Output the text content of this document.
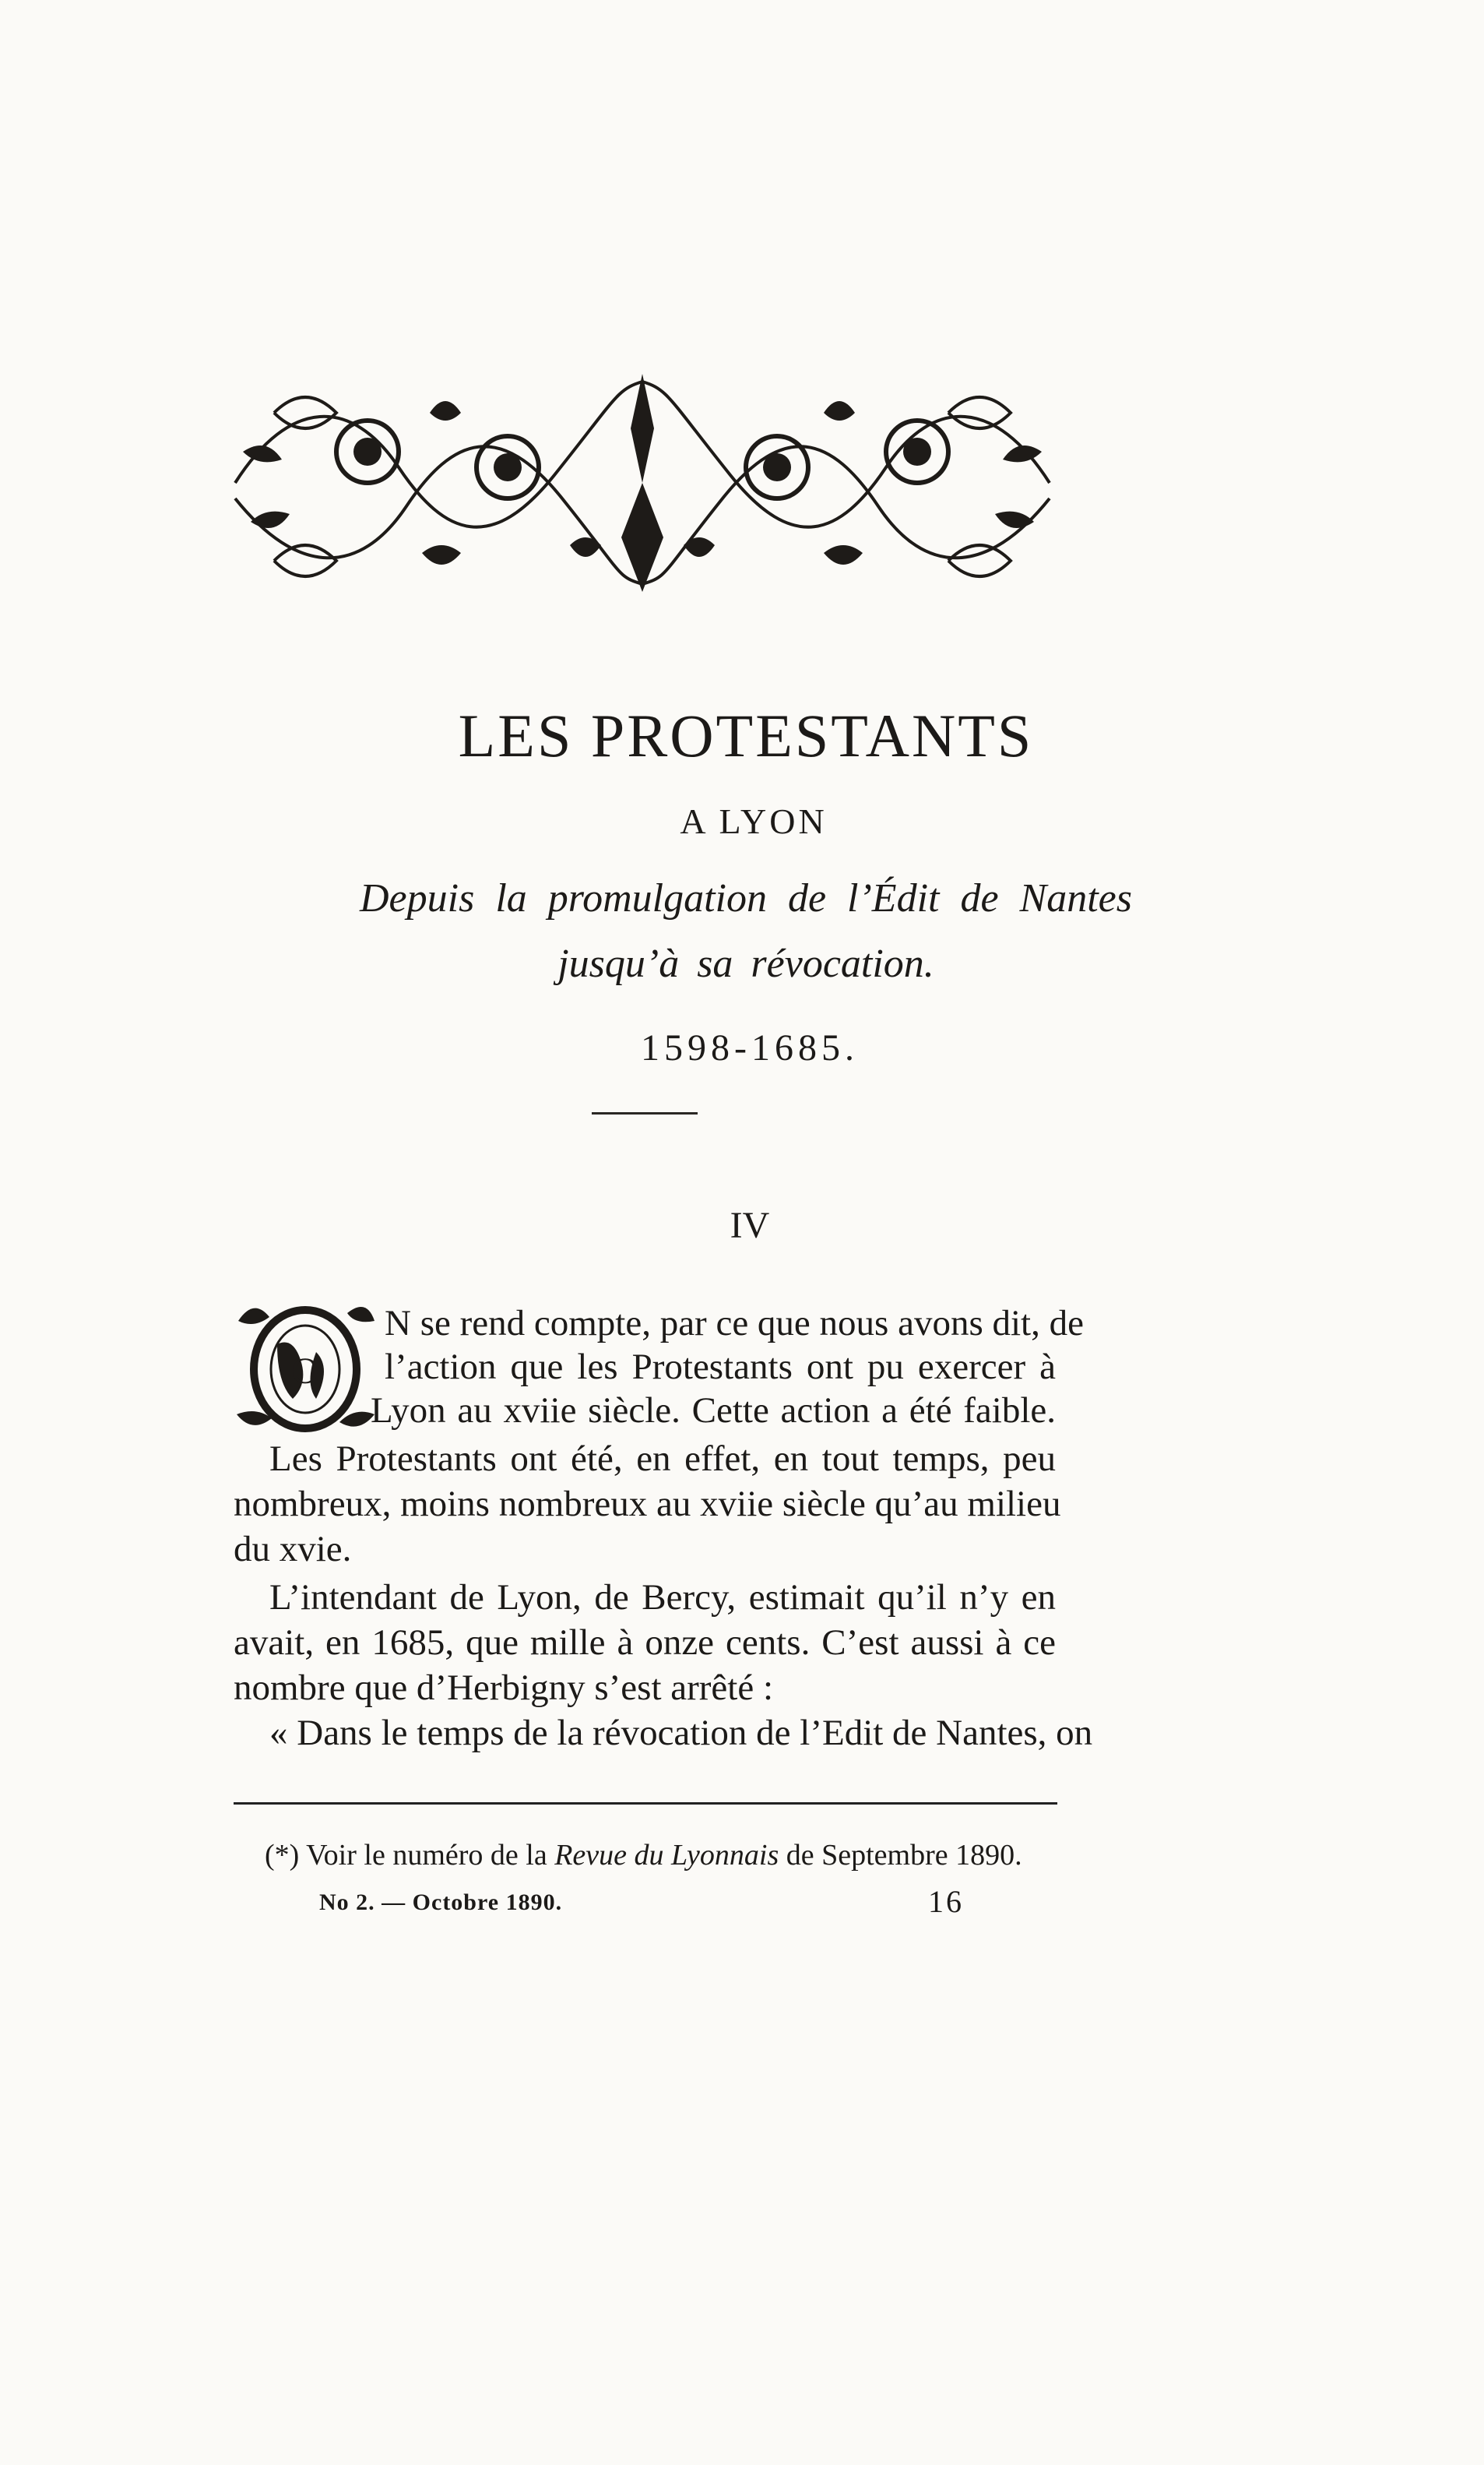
LES PROTESTANTS
A LYON
Depuis la promulgation de l’Édit de Nantes
jusqu’à sa révocation.
1598-1685.
IV
O
N se rend compte, par ce que nous avons dit, de
l’action que les Protestants ont pu exercer à
Lyon au xviie siècle. Cette action a été faible.
Les Protestants ont été, en effet, en tout temps, peu
nombreux, moins nombreux au xviie siècle qu’au milieu
du xvie.
L’intendant de Lyon, de Bercy, estimait qu’il n’y en
avait, en 1685, que mille à onze cents. C’est aussi à ce
nombre que d’Herbigny s’est arrêté :
« Dans le temps de la révocation de l’Edit de Nantes, on
(*) Voir le numéro de la Revue du Lyonnais de Septembre 1890.
No 2. — Octobre 1890.	16
